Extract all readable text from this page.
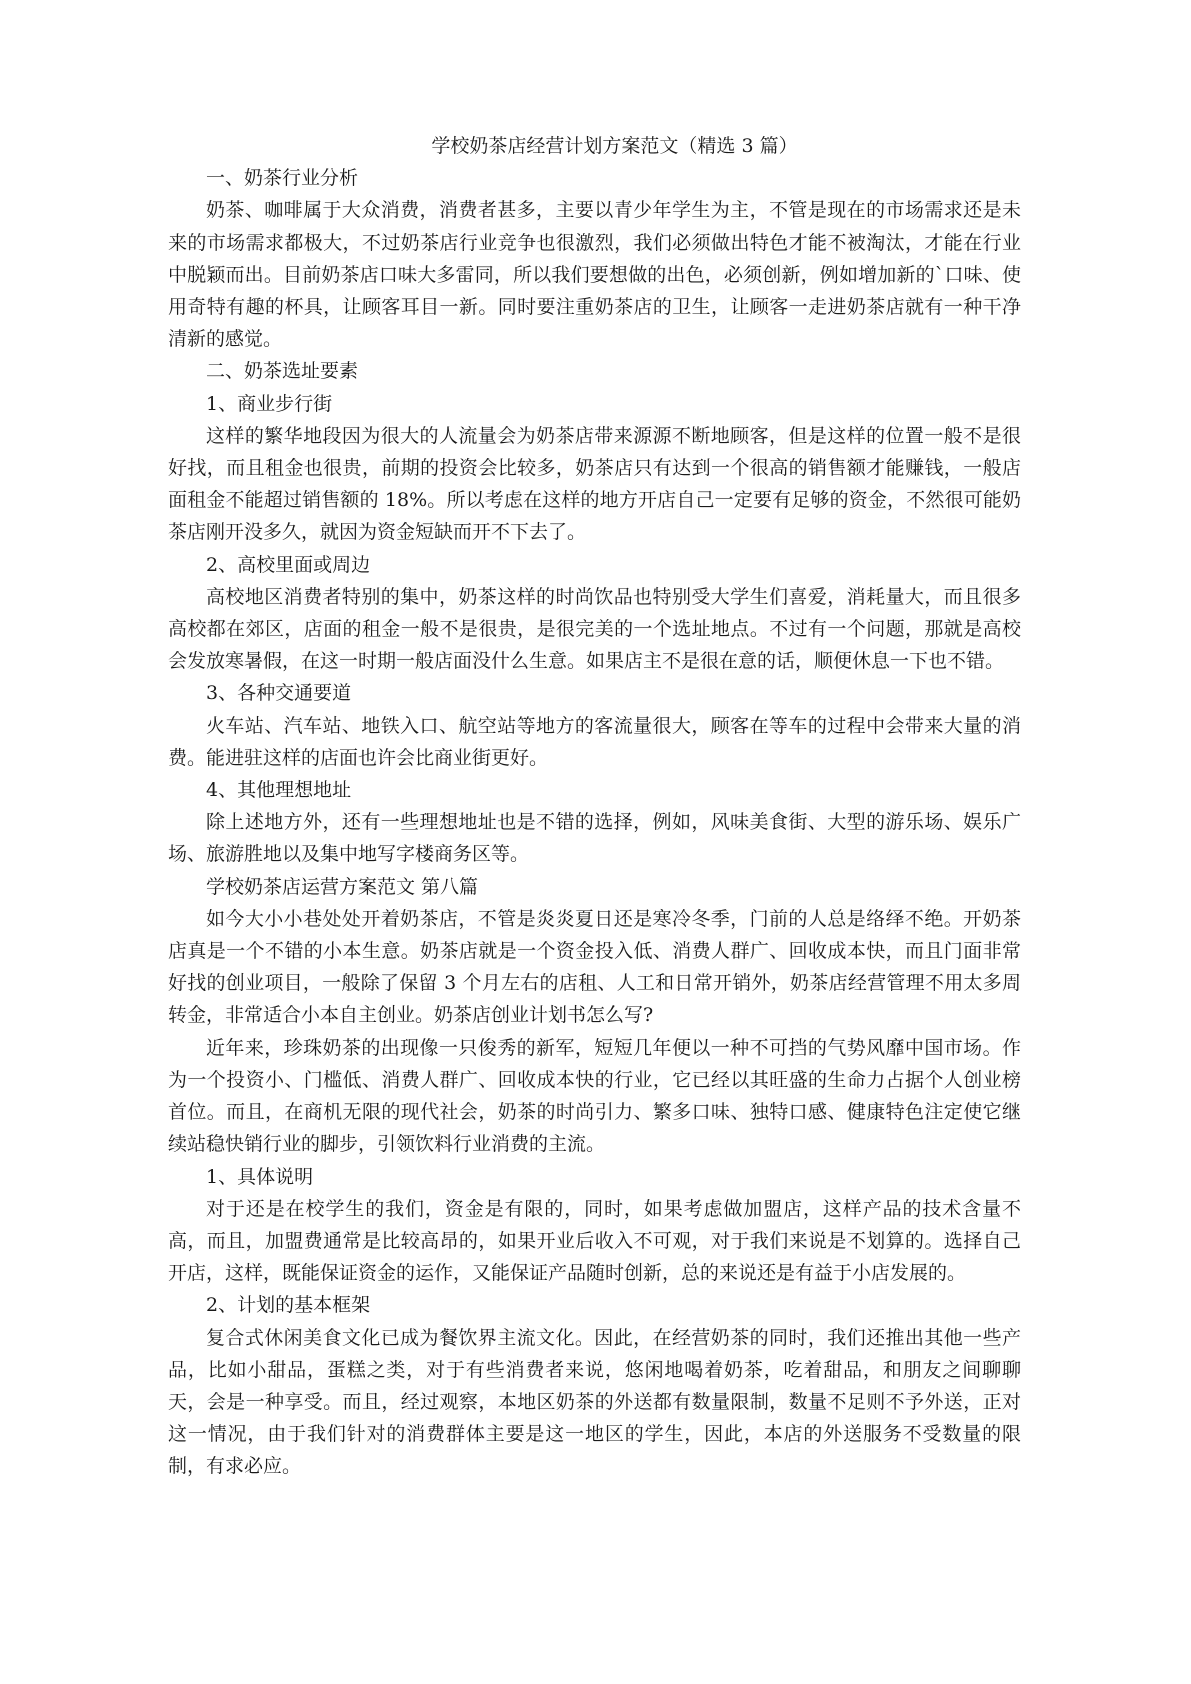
学校奶茶店经营计划方案范文（精选 3 篇）

一、奶茶行业分析

奶茶、咖啡属于大众消费，消费者甚多，主要以青少年学生为主，不管是现在的市场需求还是未来的市场需求都极大，不过奶茶店行业竞争也很激烈，我们必须做出特色才能不被淘汰，才能在行业中脱颖而出。目前奶茶店口味大多雷同，所以我们要想做的出色，必须创新，例如增加新的`口味、使用奇特有趣的杯具，让顾客耳目一新。同时要注重奶茶店的卫生，让顾客一走进奶茶店就有一种干净清新的感觉。

二、奶茶选址要素

1、商业步行街

这样的繁华地段因为很大的人流量会为奶茶店带来源源不断地顾客，但是这样的位置一般不是很好找，而且租金也很贵，前期的投资会比较多，奶茶店只有达到一个很高的销售额才能赚钱，一般店面租金不能超过销售额的 18%。所以考虑在这样的地方开店自己一定要有足够的资金，不然很可能奶茶店刚开没多久，就因为资金短缺而开不下去了。

2、高校里面或周边

高校地区消费者特别的集中，奶茶这样的时尚饮品也特别受大学生们喜爱，消耗量大，而且很多高校都在郊区，店面的租金一般不是很贵，是很完美的一个选址地点。不过有一个问题，那就是高校会发放寒暑假，在这一时期一般店面没什么生意。如果店主不是很在意的话，顺便休息一下也不错。

3、各种交通要道

火车站、汽车站、地铁入口、航空站等地方的客流量很大，顾客在等车的过程中会带来大量的消费。能进驻这样的店面也许会比商业街更好。

4、其他理想地址

除上述地方外，还有一些理想地址也是不错的选择，例如，风味美食街、大型的游乐场、娱乐广场、旅游胜地以及集中地写字楼商务区等。

学校奶茶店运营方案范文 第八篇

如今大小小巷处处开着奶茶店，不管是炎炎夏日还是寒冷冬季，门前的人总是络绎不绝。开奶茶店真是一个不错的小本生意。奶茶店就是一个资金投入低、消费人群广、回收成本快，而且门面非常好找的创业项目，一般除了保留 3 个月左右的店租、人工和日常开销外，奶茶店经营管理不用太多周转金，非常适合小本自主创业。奶茶店创业计划书怎么写?

近年来，珍珠奶茶的出现像一只俊秀的新军，短短几年便以一种不可挡的气势风靡中国市场。作为一个投资小、门槛低、消费人群广、回收成本快的行业，它已经以其旺盛的生命力占据个人创业榜首位。而且，在商机无限的现代社会，奶茶的时尚引力、繁多口味、独特口感、健康特色注定使它继续站稳快销行业的脚步，引领饮料行业消费的主流。

1、具体说明

对于还是在校学生的我们，资金是有限的，同时，如果考虑做加盟店，这样产品的技术含量不高，而且，加盟费通常是比较高昂的，如果开业后收入不可观，对于我们来说是不划算的。选择自己开店，这样，既能保证资金的运作，又能保证产品随时创新，总的来说还是有益于小店发展的。

2、计划的基本框架

复合式休闲美食文化已成为餐饮界主流文化。因此，在经营奶茶的同时，我们还推出其他一些产品，比如小甜品，蛋糕之类，对于有些消费者来说，悠闲地喝着奶茶，吃着甜品，和朋友之间聊聊天，会是一种享受。而且，经过观察，本地区奶茶的外送都有数量限制，数量不足则不予外送，正对这一情况，由于我们针对的消费群体主要是这一地区的学生，因此，本店的外送服务不受数量的限制，有求必应。
